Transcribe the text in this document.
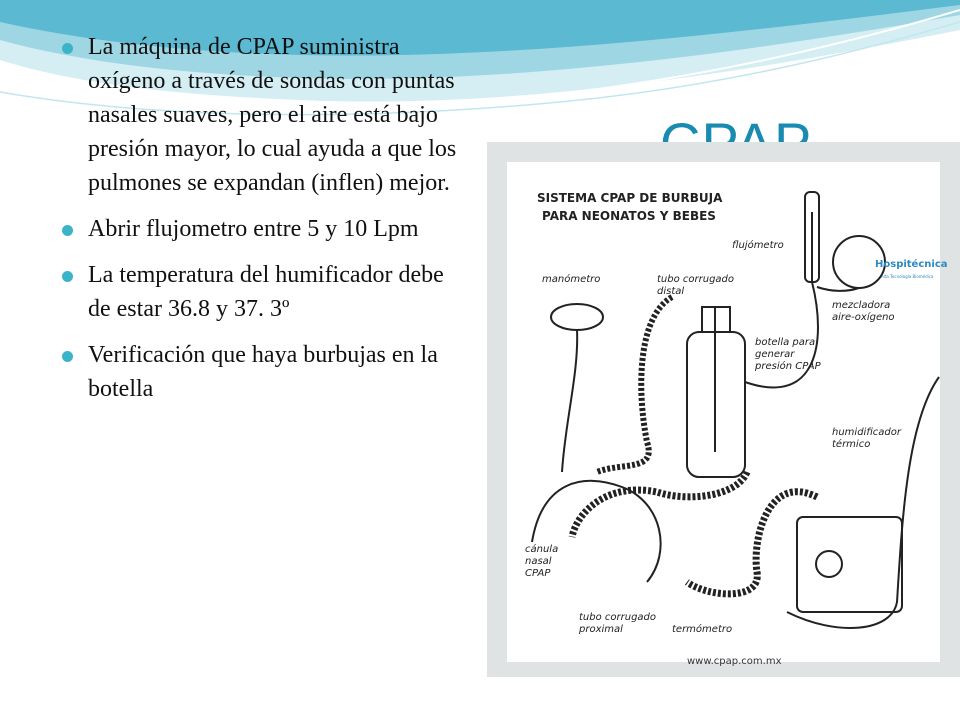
La máquina de CPAP suministra oxígeno a través de sondas con puntas nasales suaves, pero el aire está bajo presión mayor, lo cual ayuda a que los pulmones se expandan (inflen) mejor.
Abrir flujometro entre 5 y 10 Lpm
La temperatura del humificador debe de estar 36.8 y 37. 3º
Verificación que haya burbujas en la botella
SISTEMA CPAP DE BURBUJA
PARA NEONATOS Y BEBES
Hospitécnica
Alta Tecnología Biomédica
flujómetro
manómetro	tubo corrugado
distal
mezcladora
aire-oxígeno
botella para
generar
presión CPAP
humidificador
térmico
cánula
nasal
CPAP
tubo corrugado
proximal	termómetro
www.cpap.com.mx
